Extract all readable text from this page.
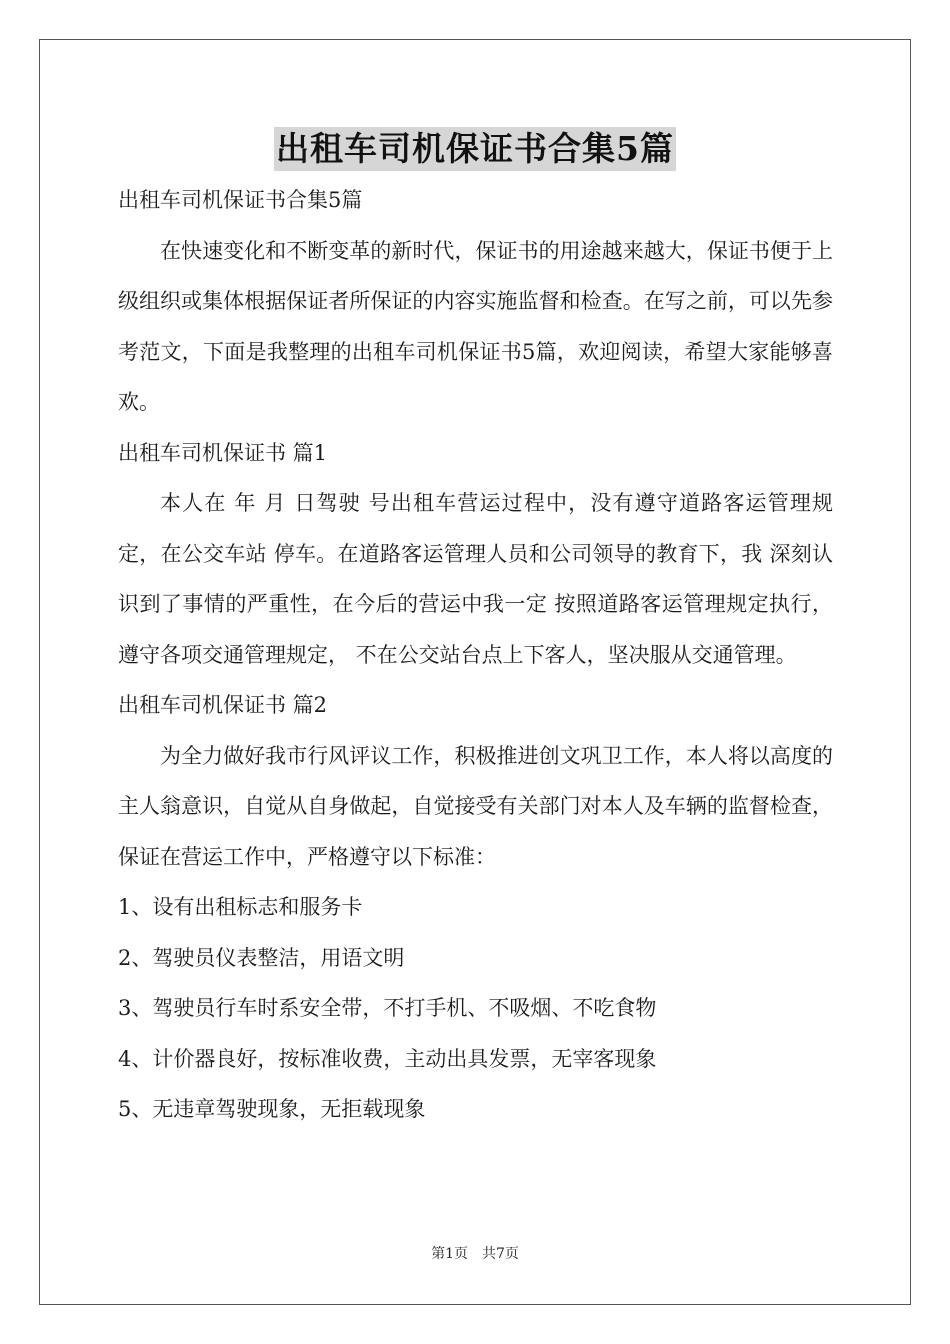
出租车司机保证书合集5篇

出租车司机保证书合集5篇

在快速变化和不断变革的新时代，保证书的用途越来越大，保证书便于上级组织或集体根据保证者所保证的内容实施监督和检查。在写之前，可以先参考范文，下面是我整理的出租车司机保证书5篇，欢迎阅读，希望大家能够喜欢。

出租车司机保证书 篇1

本人在 年 月 日驾驶 号出租车营运过程中，没有遵守道路客运管理规定，在公交车站 停车。在道路客运管理人员和公司领导的教育下，我 深刻认识到了事情的严重性，在今后的营运中我一定 按照道路客运管理规定执行， 遵守各项交通管理规定， 不在公交站台点上下客人，坚决服从交通管理。

出租车司机保证书 篇2

为全力做好我市行风评议工作，积极推进创文巩卫工作，本人将以高度的主人翁意识，自觉从自身做起，自觉接受有关部门对本人及车辆的监督检查，保证在营运工作中，严格遵守以下标准：

1、设有出租标志和服务卡

2、驾驶员仪表整洁，用语文明

3、驾驶员行车时系安全带，不打手机、不吸烟、不吃食物

4、计价器良好，按标准收费，主动出具发票，无宰客现象

5、无违章驾驶现象，无拒载现象

第1页　共7页
